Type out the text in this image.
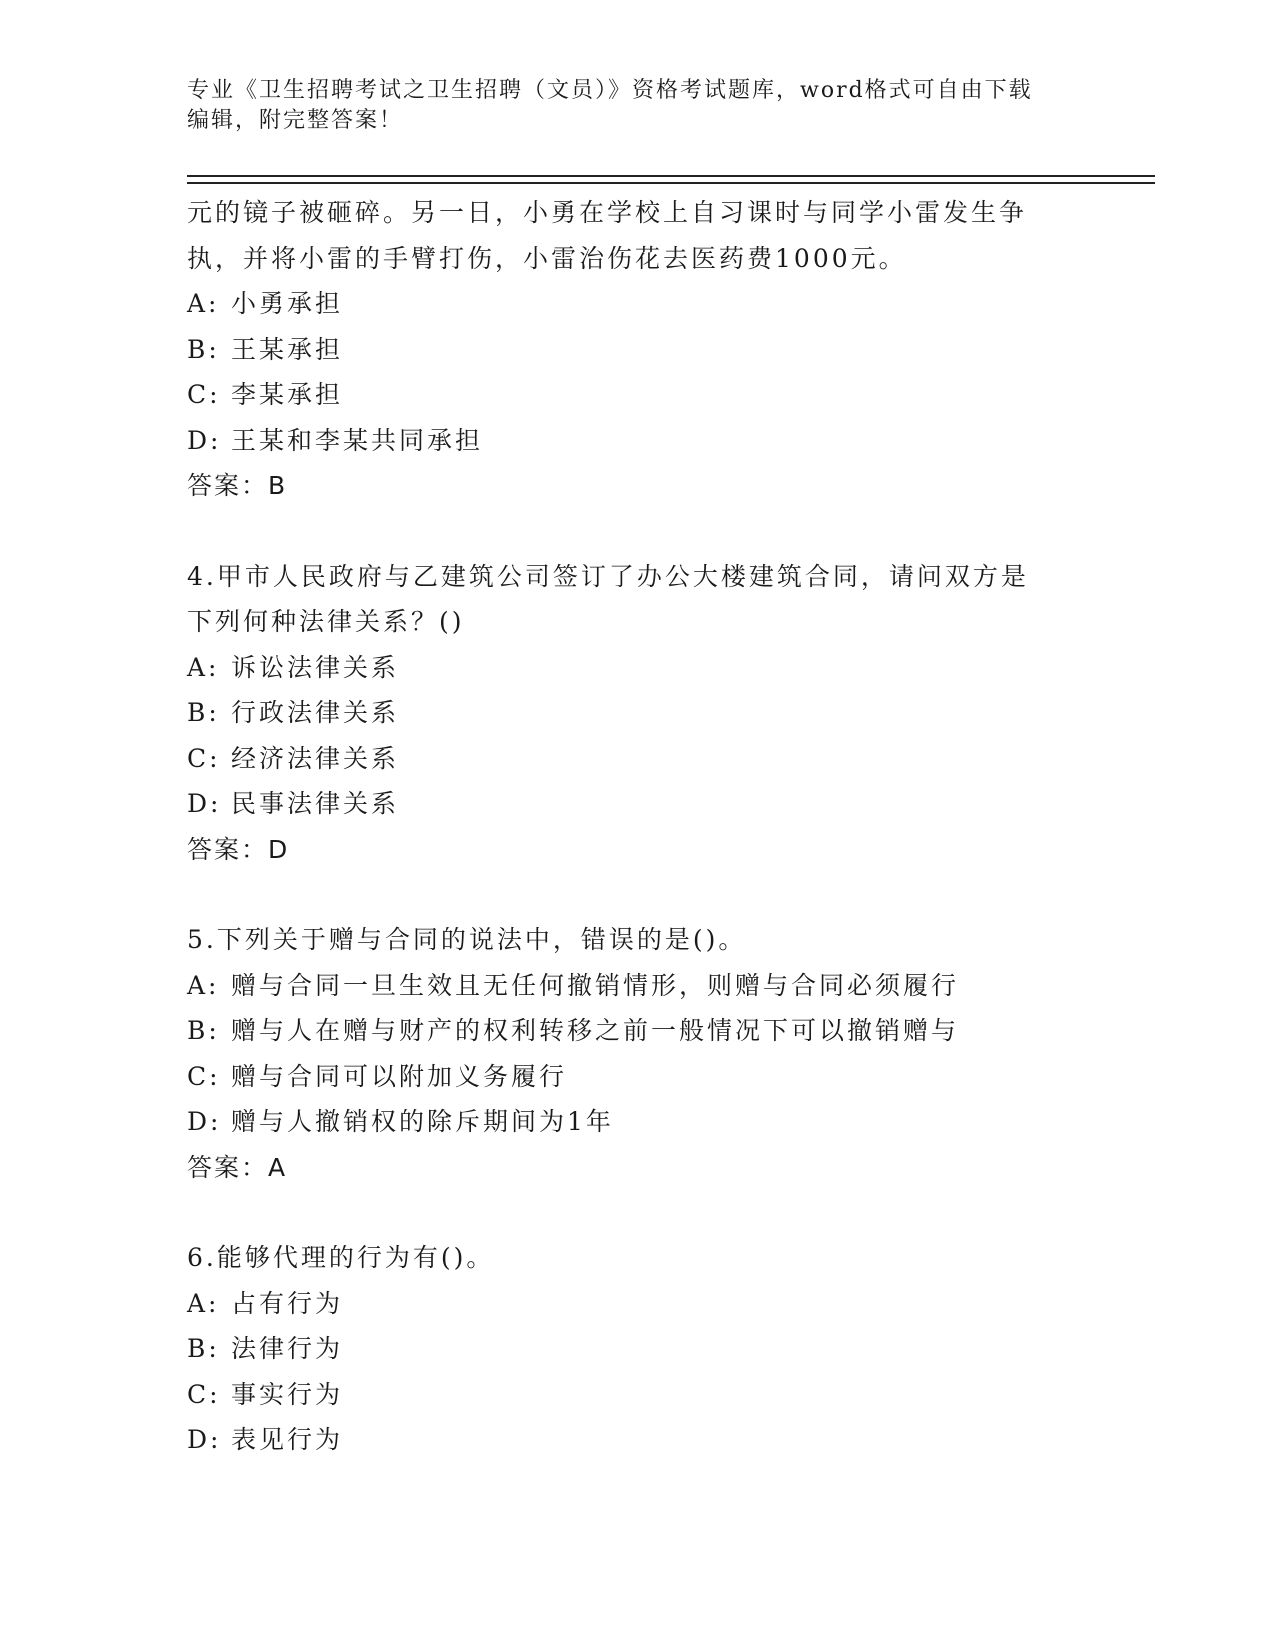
专业《卫生招聘考试之卫生招聘（文员）》资格考试题库，word格式可自由下载
编辑，附完整答案！
元的镜子被砸碎。另一日，小勇在学校上自习课时与同学小雷发生争
执，并将小雷的手臂打伤，小雷治伤花去医药费1000元。
A: 小勇承担
B: 王某承担
C: 李某承担
D: 王某和李某共同承担
答案：B
4.甲市人民政府与乙建筑公司签订了办公大楼建筑合同，请问双方是
下列何种法律关系？()
A: 诉讼法律关系
B: 行政法律关系
C: 经济法律关系
D: 民事法律关系
答案：D
5.下列关于赠与合同的说法中，错误的是()。
A: 赠与合同一旦生效且无任何撤销情形，则赠与合同必须履行
B: 赠与人在赠与财产的权利转移之前一般情况下可以撤销赠与
C: 赠与合同可以附加义务履行
D: 赠与人撤销权的除斥期间为1年
答案：A
6.能够代理的行为有()。
A: 占有行为
B: 法律行为
C: 事实行为
D: 表见行为
